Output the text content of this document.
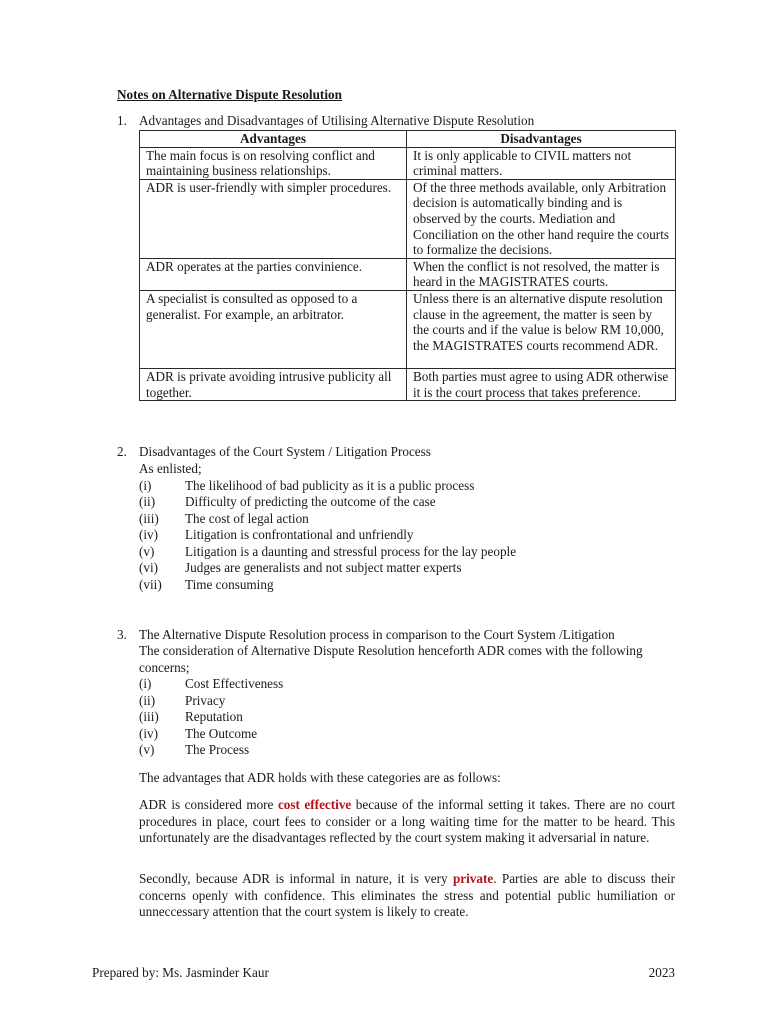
Notes on Alternative Dispute Resolution
1. Advantages and Disadvantages of Utilising Alternative Dispute Resolution
Advantages	Disadvantages
The main focus is on resolving conflict and maintaining business relationships.	It is only applicable to CIVIL matters not criminal matters.
ADR is user-friendly with simpler procedures.	Of the three methods available, only Arbitration decision is automatically binding and is observed by the courts. Mediation and Conciliation on the other hand require the courts to formalize the decisions.
ADR operates at the parties convinience.	When the conflict is not resolved, the matter is heard in the MAGISTRATES courts.
A specialist is consulted as opposed to a generalist. For example, an arbitrator.	Unless there is an alternative dispute resolution clause in the agreement, the matter is seen by the courts and if the value is below RM 10,000, the MAGISTRATES courts recommend ADR.
ADR is private avoiding intrusive publicity all together.	Both parties must agree to using ADR otherwise it is the court process that takes preference.
2. Disadvantages of the Court System / Litigation Process
As enlisted;
(i)	The likelihood of bad publicity as it is a public process
(ii)	Difficulty of predicting the outcome of the case
(iii)	The cost of legal action
(iv)	Litigation is confrontational and unfriendly
(v)	Litigation is a daunting and stressful process for the lay people
(vi)	Judges are generalists and not subject matter experts
(vii)	Time consuming
3. The Alternative Dispute Resolution process in comparison to the Court System /Litigation
The consideration of Alternative Dispute Resolution henceforth ADR comes with the following concerns;
(i)	Cost Effectiveness
(ii)	Privacy
(iii)	Reputation
(iv)	The Outcome
(v)	The Process
The advantages that ADR holds with these categories are as follows:

ADR is considered more cost effective because of the informal setting it takes. There are no court procedures in place, court fees to consider or a long waiting time for the matter to be heard. This unfortunately are the disadvantages reflected by the court system making it adversarial in nature.

Secondly, because ADR is informal in nature, it is very private. Parties are able to discuss their concerns openly with confidence. This eliminates the stress and potential public humiliation or unneccessary attention that the court system is likely to create.

Prepared by: Ms. Jasminder Kaur	2023
